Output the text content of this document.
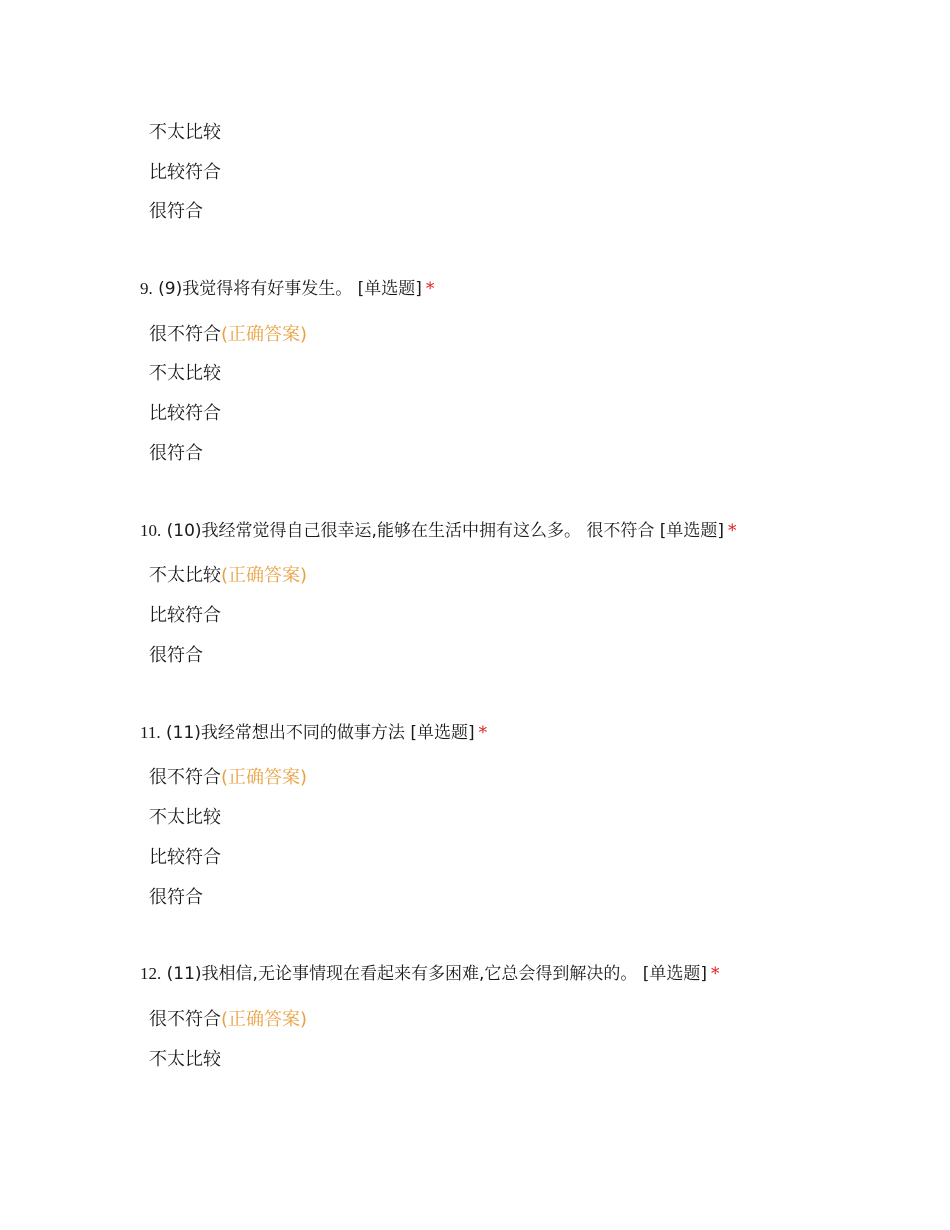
不太比较
比较符合
很符合
9. (9)我觉得将有好事发生。 [单选题] *
很不符合(正确答案)
不太比较
比较符合
很符合
10. (10)我经常觉得自己很幸运,能够在生活中拥有这么多。 很不符合 [单选题] *
不太比较(正确答案)
比较符合
很符合
11. (11)我经常想出不同的做事方法 [单选题] *
很不符合(正确答案)
不太比较
比较符合
很符合
12. (11)我相信,无论事情现在看起来有多困难,它总会得到解决的。 [单选题] *
很不符合(正确答案)
不太比较
